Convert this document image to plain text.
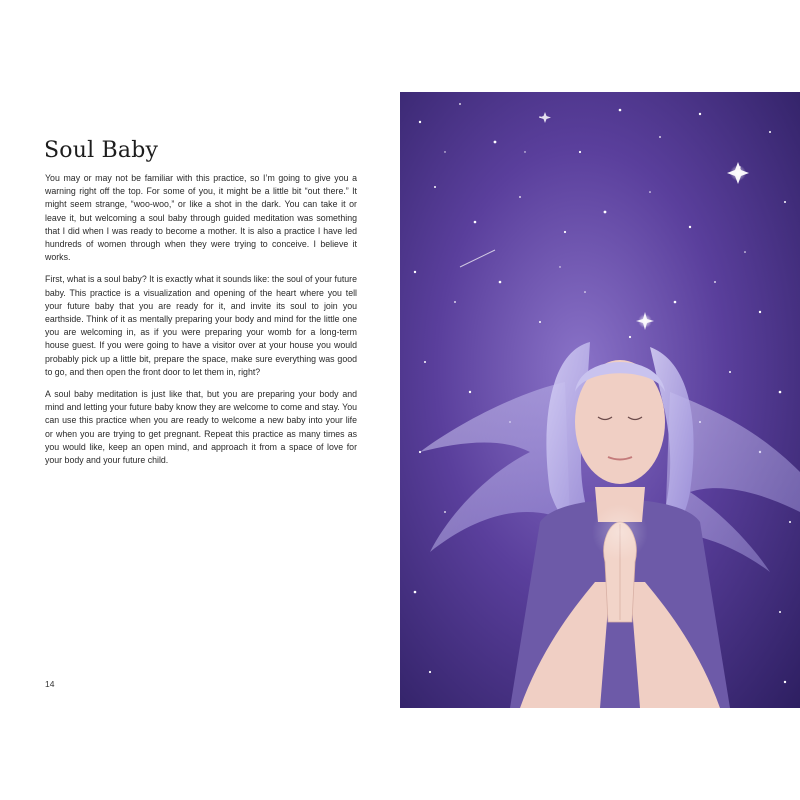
Soul Baby

You may or may not be familiar with this practice, so I’m going to give you a warning right off the top. For some of you, it might be a little bit “out there.” It might seem strange, “woo-woo,” or like a shot in the dark. You can take it or leave it, but welcoming a soul baby through guided meditation was something that I did when I was ready to become a mother. It is also a practice I have led hundreds of women through when they were trying to conceive. I believe it works.

First, what is a soul baby? It is exactly what it sounds like: the soul of your future baby. This practice is a visualization and opening of the heart where you tell your future baby that you are ready for it, and invite its soul to join you earthside. Think of it as mentally preparing your body and mind for the little one you are welcoming in, as if you were preparing your womb for a long-term house guest. If you were going to have a visitor over at your house you would probably pick up a little bit, prepare the space, make sure everything was good to go, and then open the front door to let them in, right?

A soul baby meditation is just like that, but you are preparing your body and mind and letting your future baby know they are welcome to come and stay. You can use this practice when you are ready to welcome a new baby into your life or when you are trying to get pregnant. Repeat this practice as many times as you would like, keep an open mind, and approach it from a space of love for your body and your future child.

14
